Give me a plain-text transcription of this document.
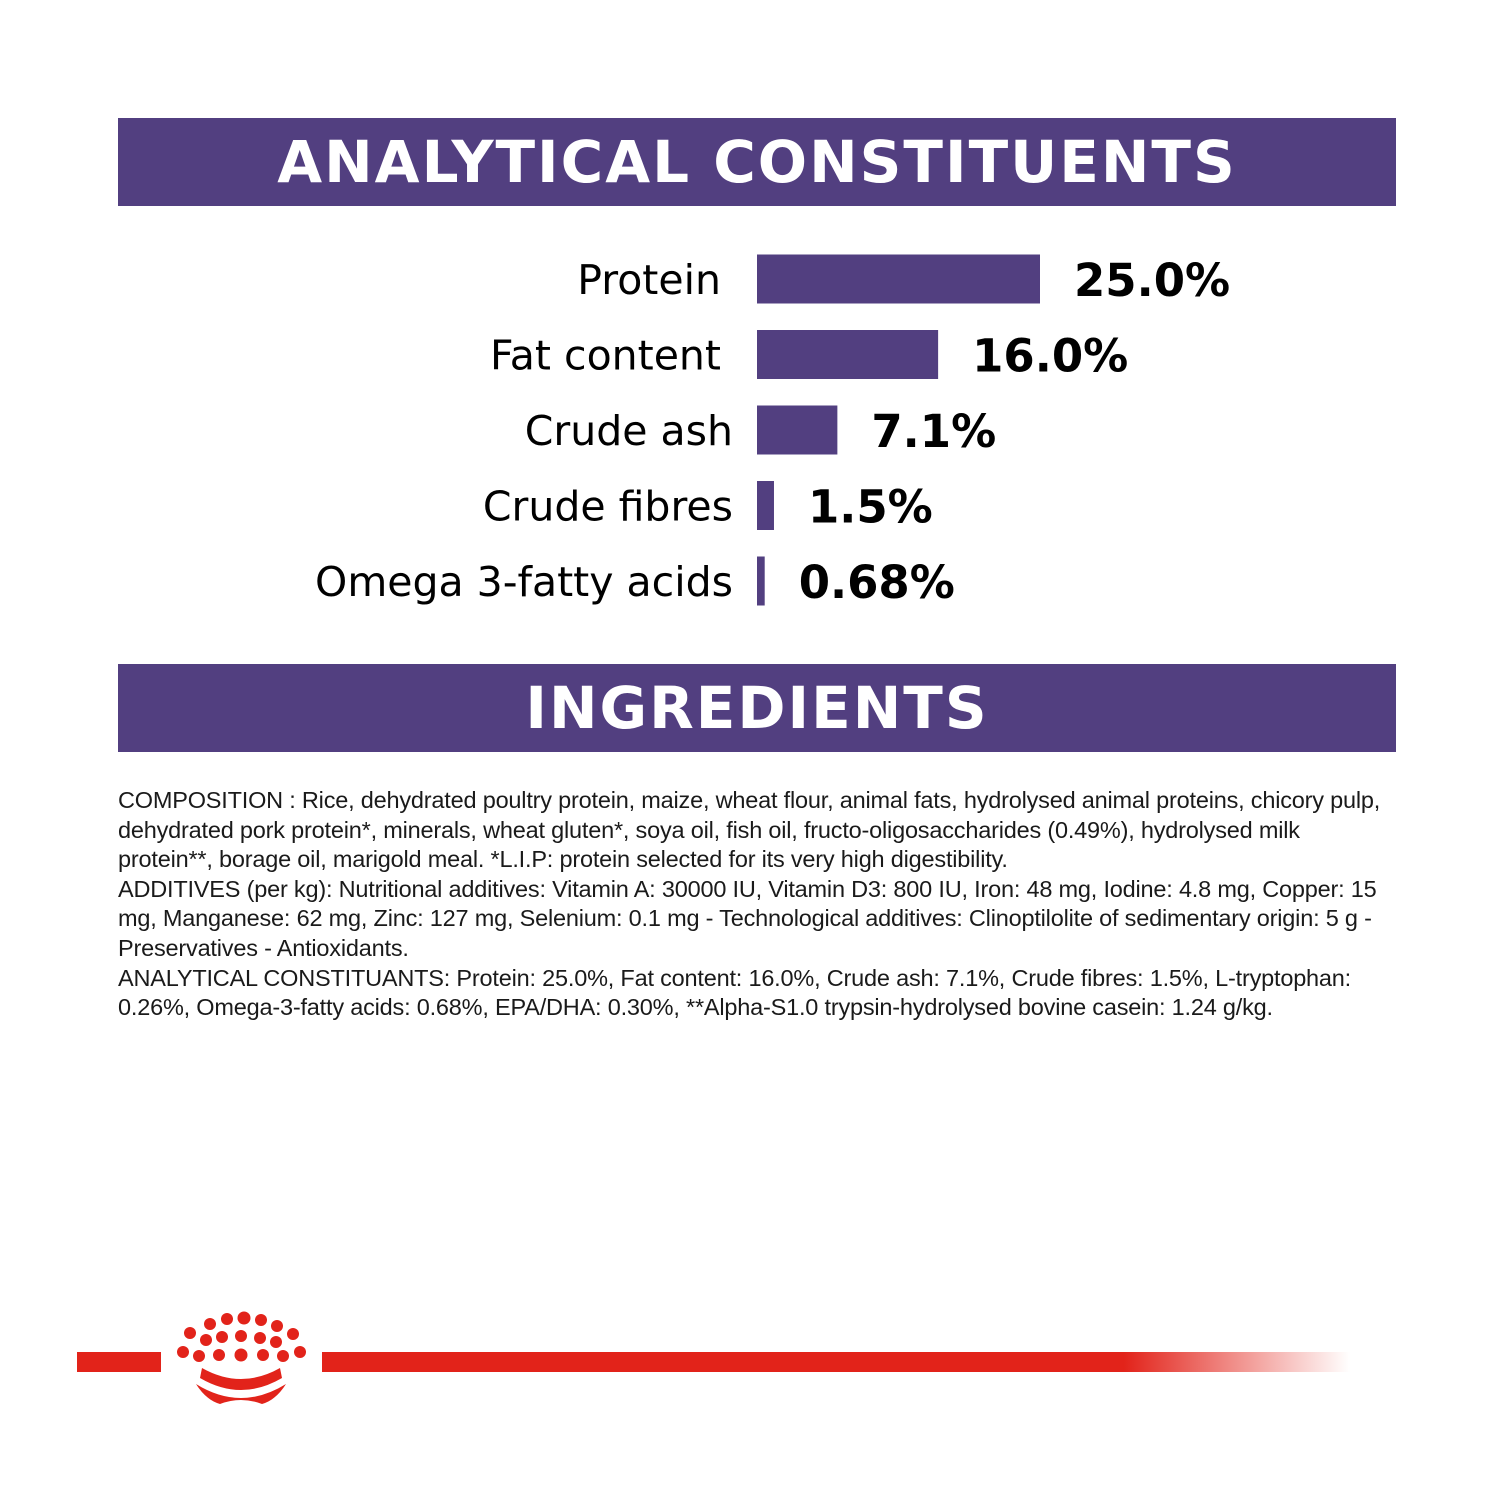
ANALYTICAL CONSTITUENTS
Protein	25.0%
Fat content	16.0%
Crude ash	7.1%
Crude fibres 1.5%
Omega 3-fatty acids 0.68%
INGREDIENTS

COMPOSITION : Rice, dehydrated poultry protein, maize, wheat flour, animal fats, hydrolysed animal proteins, chicory pulp, dehydrated pork protein*, minerals, wheat gluten*, soya oil, fish oil, fructo-oligosaccharides (0.49%), hydrolysed milk protein**, borage oil, marigold meal. *L.I.P: protein selected for its very high digestibility.

ADDITIVES (per kg): Nutritional additives: Vitamin A: 30000 IU, Vitamin D3: 800 IU, Iron: 48 mg, Iodine: 4.8 mg, Copper: 15 mg, Manganese: 62 mg, Zinc: 127 mg, Selenium: 0.1 mg - Technological additives: Clinoptilolite of sedimentary origin: 5 g - Preservatives - Antioxidants.

ANALYTICAL CONSTITUANTS: Protein: 25.0%, Fat content: 16.0%, Crude ash: 7.1%, Crude fibres: 1.5%, L-tryptophan: 0.26%, Omega-3-fatty acids: 0.68%, EPA/DHA: 0.30%, **Alpha-S1.0 trypsin-hydrolysed bovine casein: 1.24 g/kg.
